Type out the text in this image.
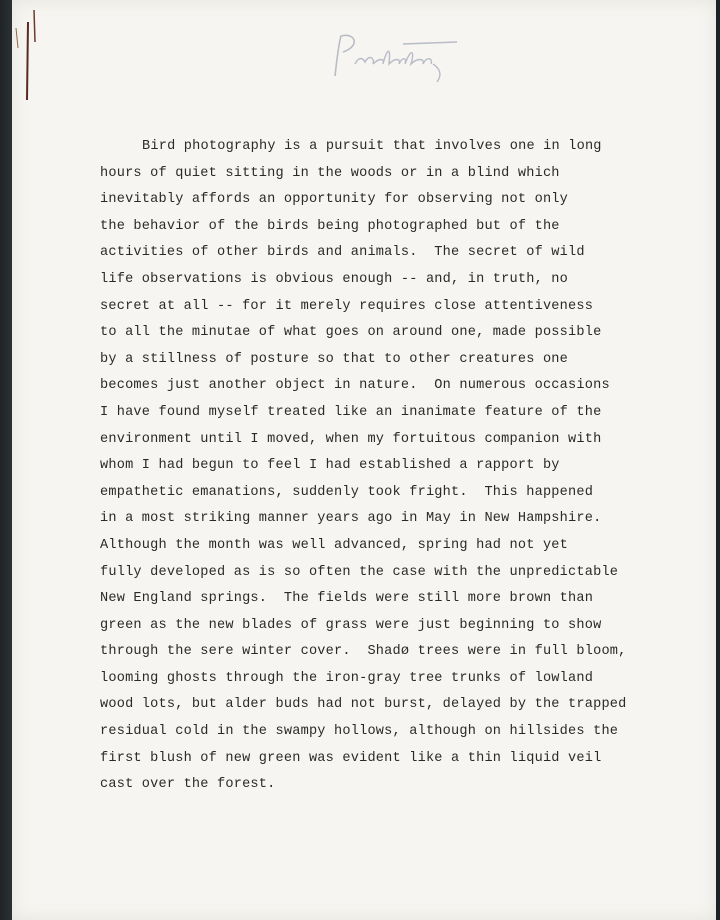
Bird photography is a pursuit that involves one in long
hours of quiet sitting in the woods or in a blind which
inevitably affords an opportunity for observing not only
the behavior of the birds being photographed but of the
activities of other birds and animals.  The secret of wild
life observations is obvious enough -- and, in truth, no
secret at all -- for it merely requires close attentiveness
to all the minutae of what goes on around one, made possible
by a stillness of posture so that to other creatures one
becomes just another object in nature.  On numerous occasions
I have found myself treated like an inanimate feature of the
environment until I moved, when my fortuitous companion with
whom I had begun to feel I had established a rapport by
empathetic emanations, suddenly took fright.  This happened
in a most striking manner years ago in May in New Hampshire.
Although the month was well advanced, spring had not yet
fully developed as is so often the case with the unpredictable
New England springs.  The fields were still more brown than
green as the new blades of grass were just beginning to show
through the sere winter cover.  Shadø trees were in full bloom,
looming ghosts through the iron-gray tree trunks of lowland
wood lots, but alder buds had not burst, delayed by the trapped
residual cold in the swampy hollows, although on hillsides the
first blush of new green was evident like a thin liquid veil
cast over the forest.
